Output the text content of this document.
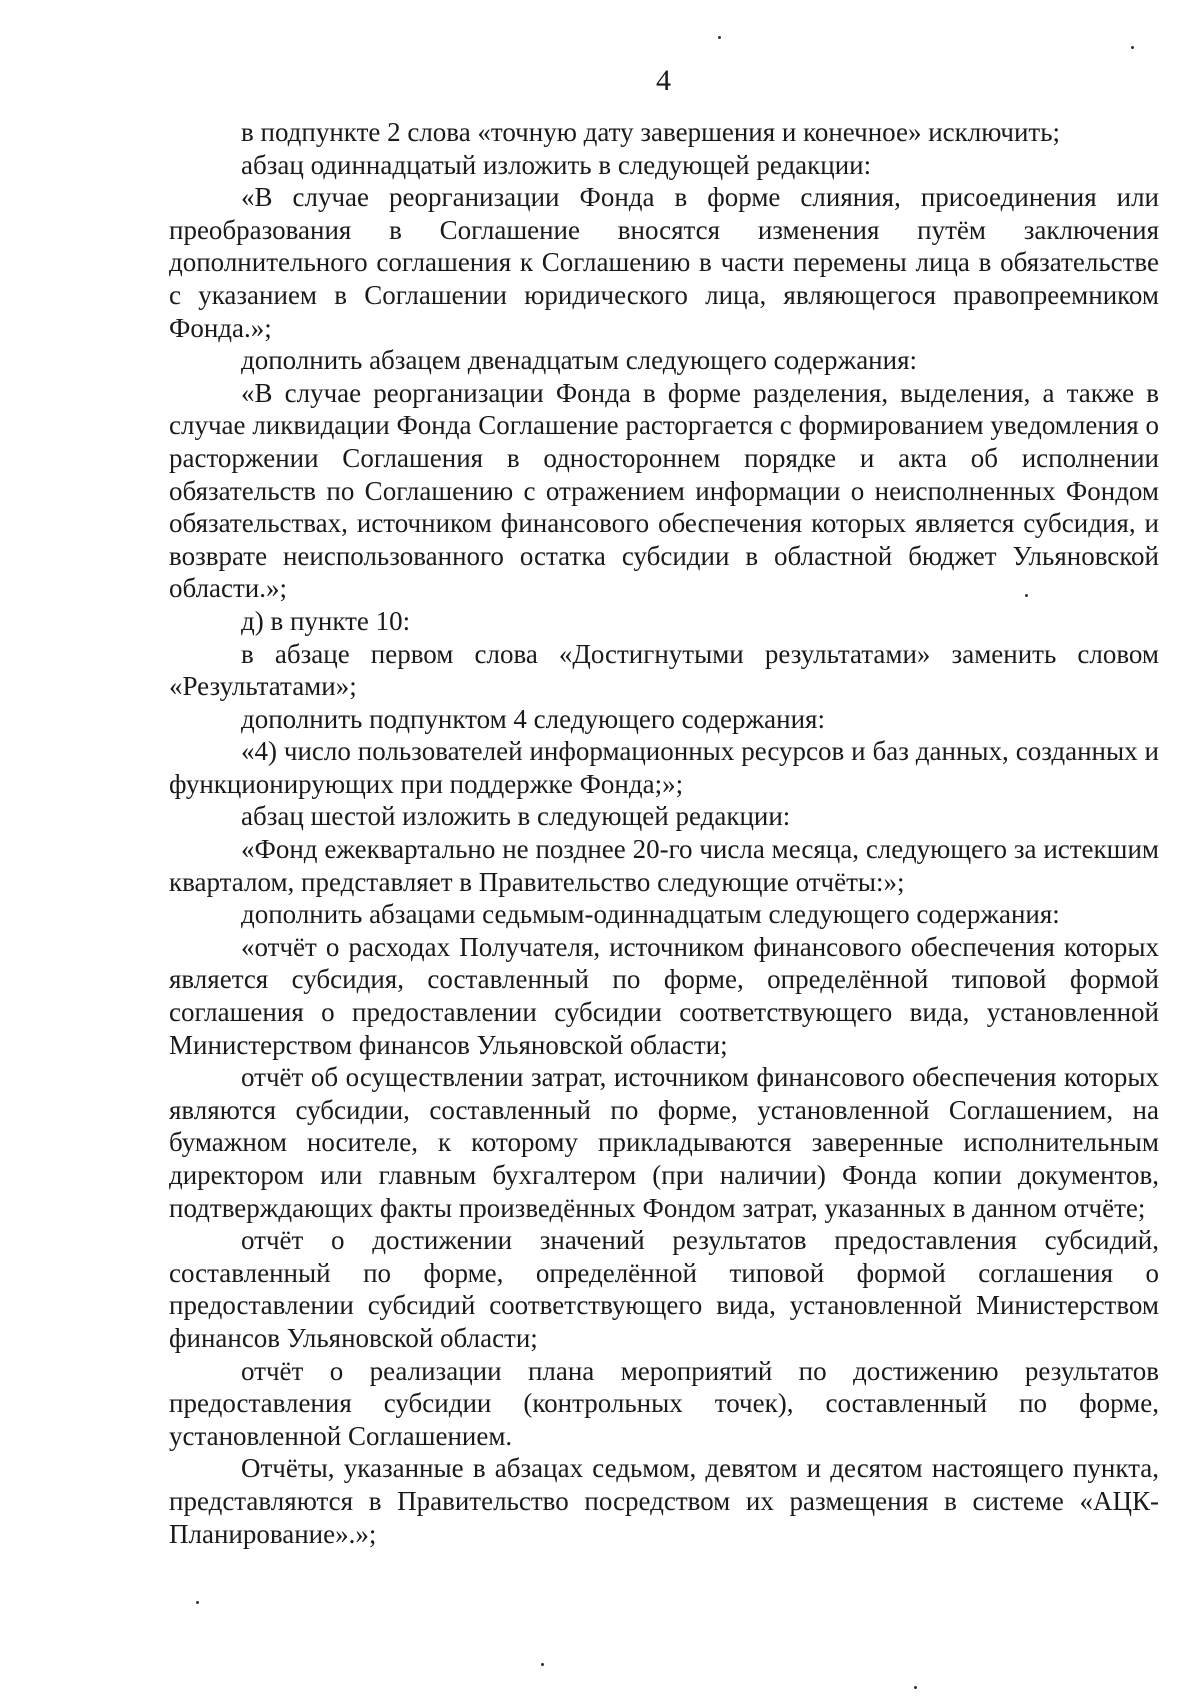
4

в подпункте 2 слова «точную дату завершения и конечное» исключить;

абзац одиннадцатый изложить в следующей редакции:

«В случае реорганизации Фонда в форме слияния, присоединения или преобразования в Соглашение вносятся изменения путём заключения дополнительного соглашения к Соглашению в части перемены лица в обязательстве с указанием в Соглашении юридического лица, являющегося правопреемником Фонда.»;

дополнить абзацем двенадцатым следующего содержания:

«В случае реорганизации Фонда в форме разделения, выделения, а также в случае ликвидации Фонда Соглашение расторгается с формированием уведомления о расторжении Соглашения в одностороннем порядке и акта об исполнении обязательств по Соглашению с отражением информации о неисполненных Фондом обязательствах, источником финансового обеспечения которых является субсидия, и возврате неиспользованного остатка субсидии в областной бюджет Ульяновской области.»;

д) в пункте 10:

в абзаце первом слова «Достигнутыми результатами» заменить словом «Результатами»;

дополнить подпунктом 4 следующего содержания:

«4) число пользователей информационных ресурсов и баз данных, созданных и функционирующих при поддержке Фонда;»;

абзац шестой изложить в следующей редакции:

«Фонд ежеквартально не позднее 20-го числа месяца, следующего за истекшим кварталом, представляет в Правительство следующие отчёты:»;

дополнить абзацами седьмым-одиннадцатым следующего содержания:

«отчёт о расходах Получателя, источником финансового обеспечения которых является субсидия, составленный по форме, определённой типовой формой соглашения о предоставлении субсидии соответствующего вида, установленной Министерством финансов Ульяновской области;

отчёт об осуществлении затрат, источником финансового обеспечения которых являются субсидии, составленный по форме, установленной Соглашением, на бумажном носителе, к которому прикладываются заверенные исполнительным директором или главным бухгалтером (при наличии) Фонда копии документов, подтверждающих факты произведённых Фондом затрат, указанных в данном отчёте;

отчёт о достижении значений результатов предоставления субсидий, составленный по форме, определённой типовой формой соглашения о предоставлении субсидий соответствующего вида, установленной Министерством финансов Ульяновской области;

отчёт о реализации плана мероприятий по достижению результатов предоставления субсидии (контрольных точек), составленный по форме, установленной Соглашением.

Отчёты, указанные в абзацах седьмом, девятом и десятом настоящего пункта, представляются в Правительство посредством их размещения в системе «АЦК-Планирование».»;
